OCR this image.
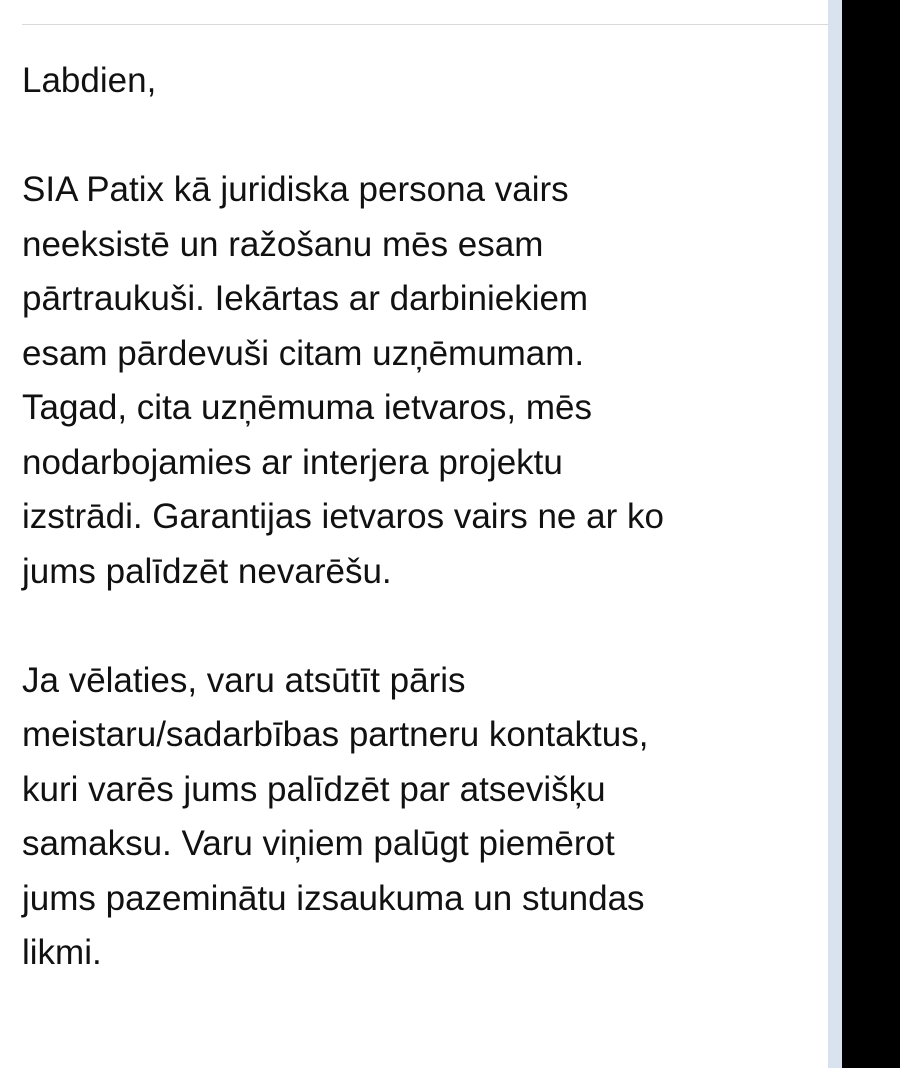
Labdien,
SIA Patix kā juridiska persona vairs
neeksistē un ražošanu mēs esam
pārtraukuši. Iekārtas ar darbiniekiem
esam pārdevuši citam uzņēmumam.
Tagad, cita uzņēmuma ietvaros, mēs
nodarbojamies ar interjera projektu
izstrādi. Garantijas ietvaros vairs ne ar ko
jums palīdzēt nevarēšu.
Ja vēlaties, varu atsūtīt pāris
meistaru/sadarbības partneru kontaktus,
kuri varēs jums palīdzēt par atsevišķu
samaksu. Varu viņiem palūgt piemērot
jums pazeminātu izsaukuma un stundas
likmi.
